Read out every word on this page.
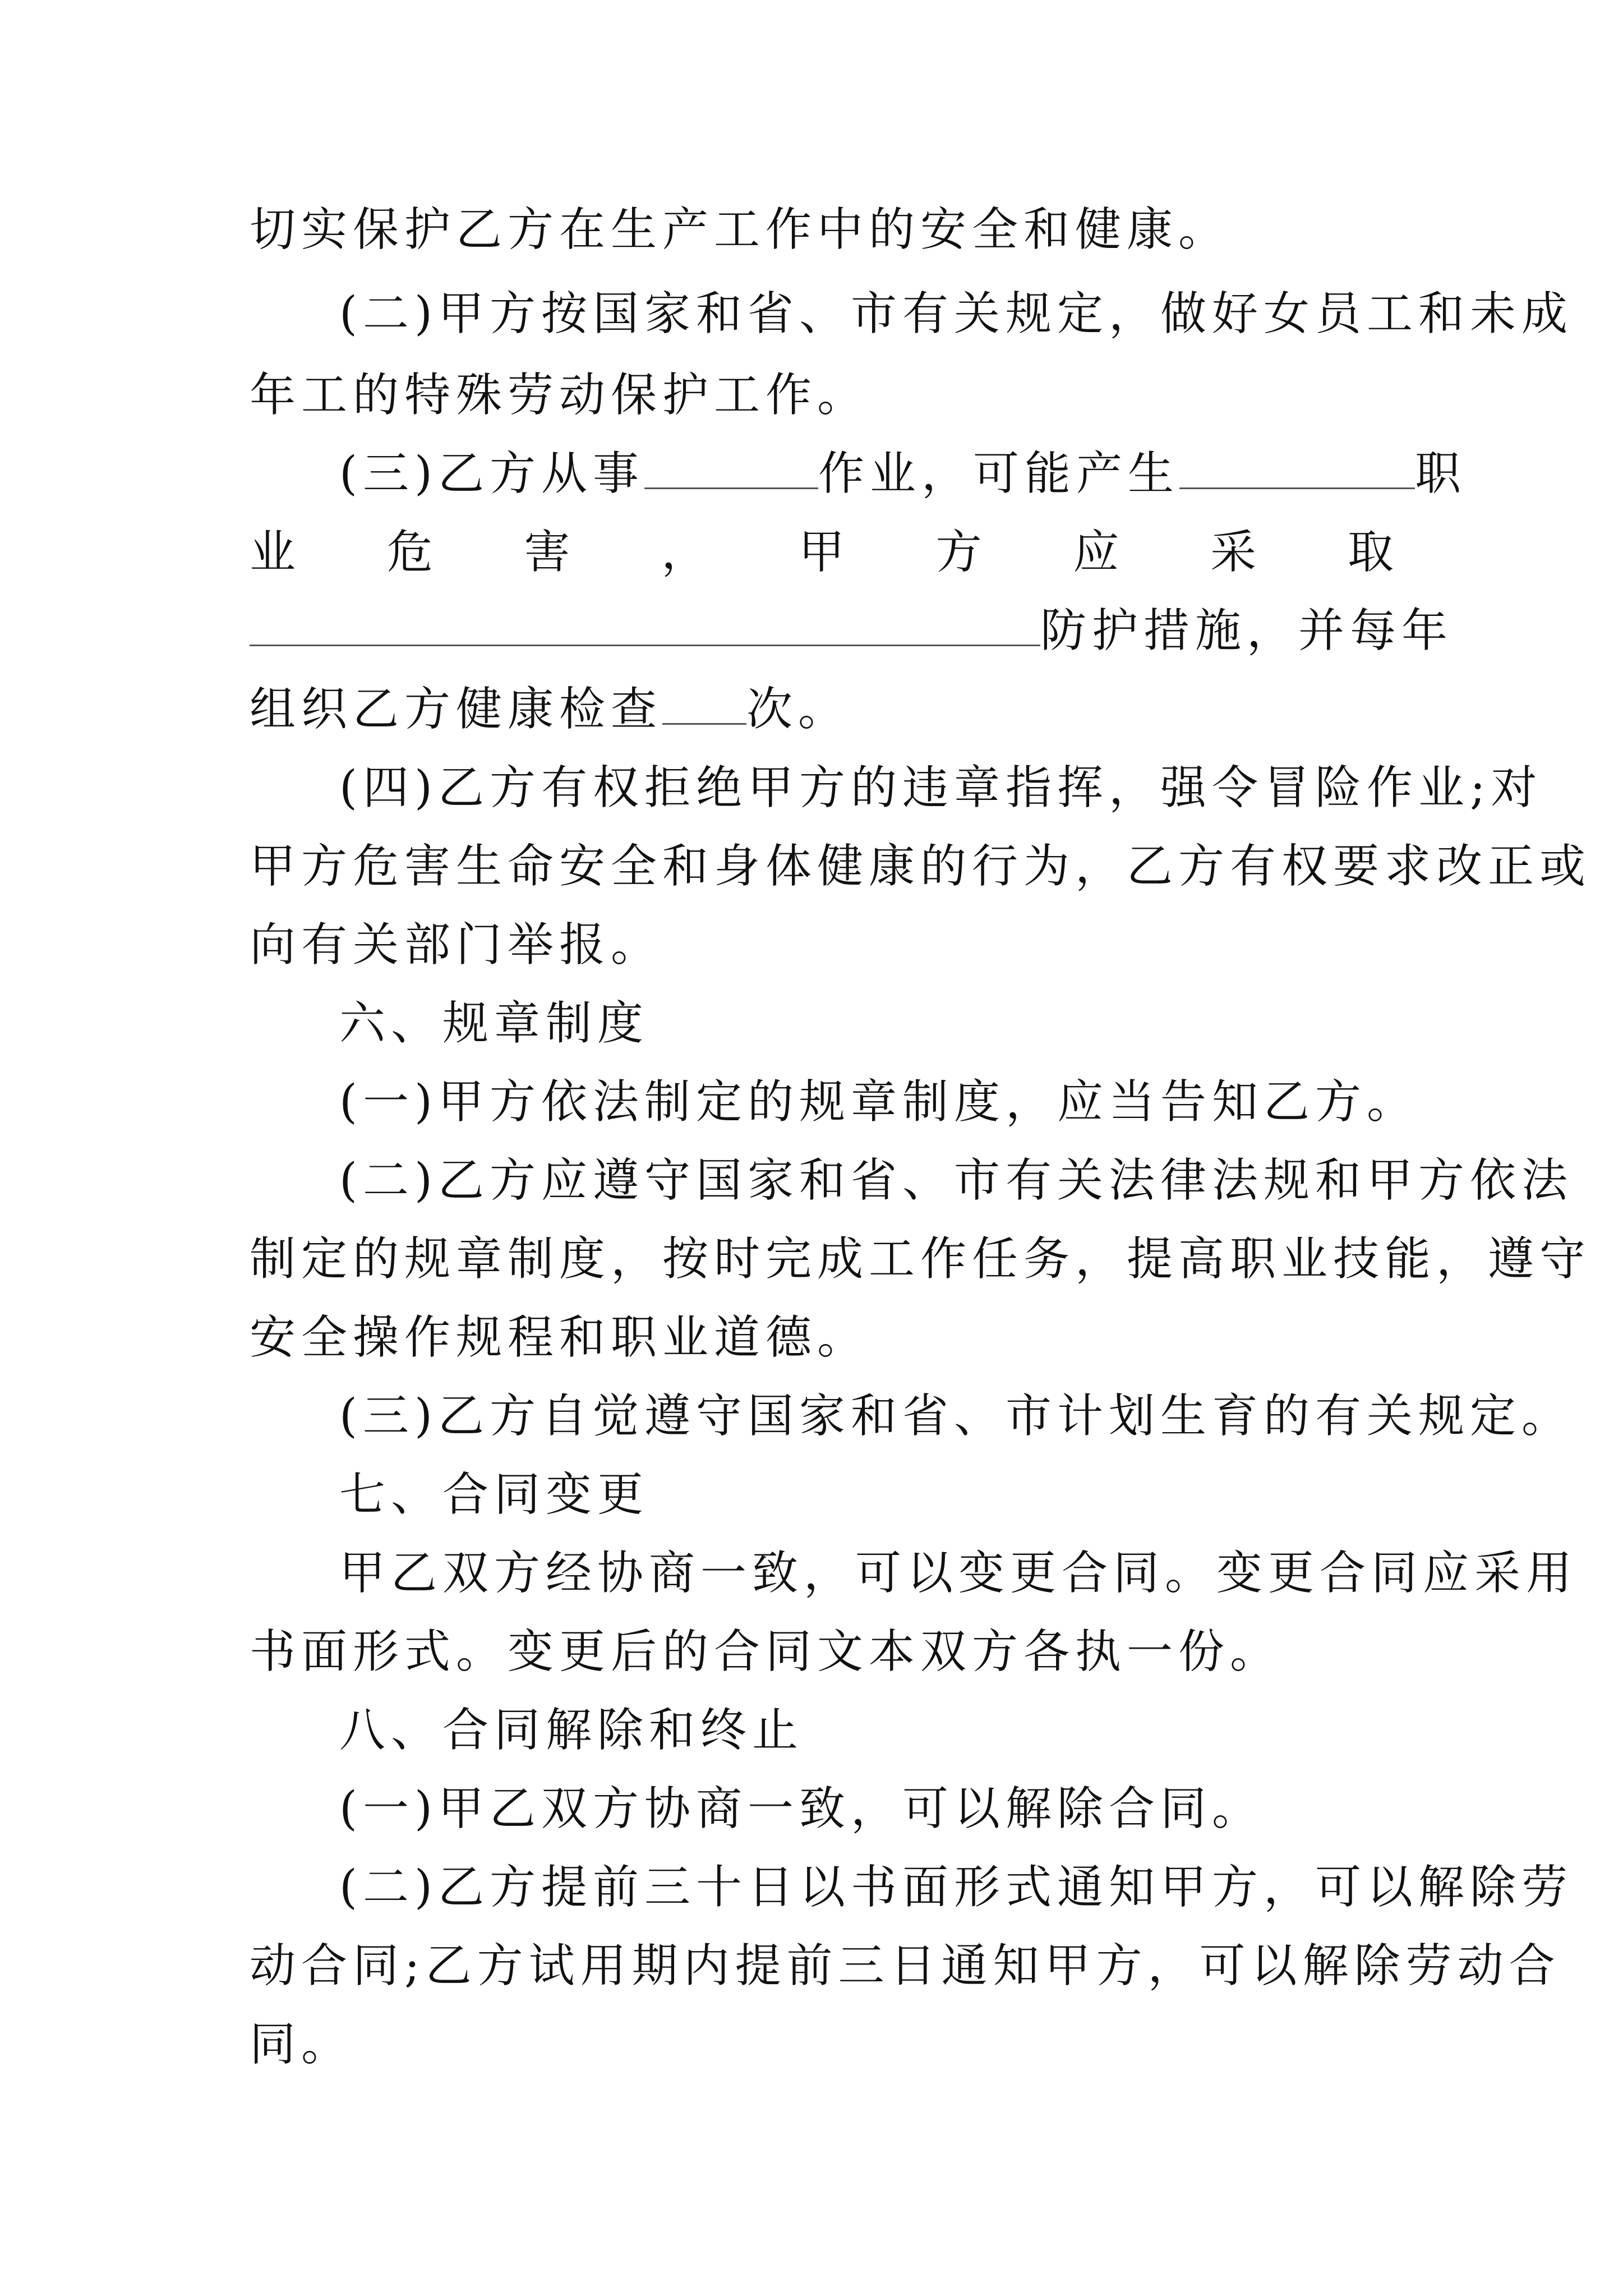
切实保护乙方在生产工作中的安全和健康。
(二)甲方按国家和省、市有关规定，做好女员工和未成
年工的特殊劳动保护工作。
(三)乙方从事	作业，可能产生	职
业 危 害 ， 甲 方 应 采 取
防护措施，并每年
组织乙方健康检查 次。
(四)乙方有权拒绝甲方的违章指挥，强令冒险作业;对
甲方危害生命安全和身体健康的行为，乙方有权要求改正或
向有关部门举报。
六、规章制度
(一)甲方依法制定的规章制度，应当告知乙方。
(二)乙方应遵守国家和省、市有关法律法规和甲方依法
制定的规章制度，按时完成工作任务，提高职业技能，遵守
安全操作规程和职业道德。
(三)乙方自觉遵守国家和省、市计划生育的有关规定。
七、合同变更
甲乙双方经协商一致，可以变更合同。变更合同应采用
书面形式。变更后的合同文本双方各执一份。
八、合同解除和终止
(一)甲乙双方协商一致，可以解除合同。
(二)乙方提前三十日以书面形式通知甲方，可以解除劳
动合同;乙方试用期内提前三日通知甲方，可以解除劳动合
同。
